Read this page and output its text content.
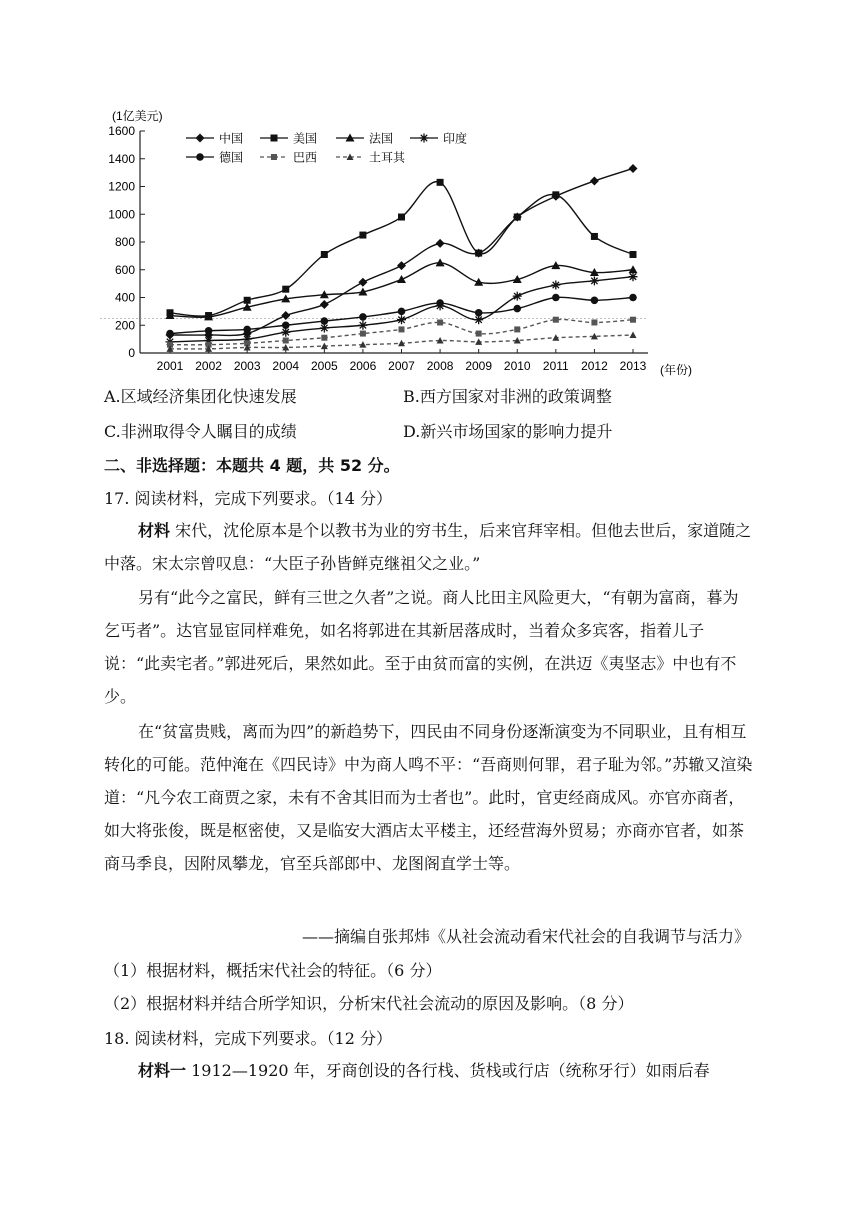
(1亿美元)
0
200
400
600
800
1000
1200
1400
1600
2001 2002 2003 2004 2005 2006 2007 2008 2009 2010 2011 2012 2013
中国	美国	法国	印度
德国	巴西	土耳其
(年份)
A.区域经济集团化快速发展	B.西方国家对非洲的政策调整
C.非洲取得令人瞩目的成绩	D.新兴市场国家的影响力提升
二、非选择题：本题共 4 题，共 52 分。
17. 阅读材料，完成下列要求。（14 分）
材料 宋代，沈伦原本是个以教书为业的穷书生，后来官拜宰相。但他去世后，家道随之中落。宋太宗曾叹息：“大臣子孙皆鲜克继祖父之业。”
另有“此今之富民，鲜有三世之久者”之说。商人比田主风险更大，“有朝为富商，暮为乞丐者”。达官显宦同样难免，如名将郭进在其新居落成时，当着众多宾客，指着儿子说：“此卖宅者。”郭进死后，果然如此。至于由贫而富的实例，在洪迈《夷坚志》中也有不少。
在“贫富贵贱，离而为四”的新趋势下，四民由不同身份逐渐演变为不同职业，且有相互转化的可能。范仲淹在《四民诗》中为商人鸣不平：“吾商则何罪，君子耻为邻。”苏辙又渲染道：“凡今农工商贾之家，未有不舍其旧而为士者也”。此时，官吏经商成风。亦官亦商者，如大将张俊，既是枢密使，又是临安大酒店太平楼主，还经营海外贸易；亦商亦官者，如茶商马季良，因附凤攀龙，官至兵部郎中、龙图阁直学士等。
——摘编自张邦炜《从社会流动看宋代社会的自我调节与活力》
（1）根据材料，概括宋代社会的特征。（6 分）
（2）根据材料并结合所学知识，分析宋代社会流动的原因及影响。（8 分）
18. 阅读材料，完成下列要求。（12 分）
材料一 1912—1920 年，牙商创设的各行栈、货栈或行店（统称牙行）如雨后春
